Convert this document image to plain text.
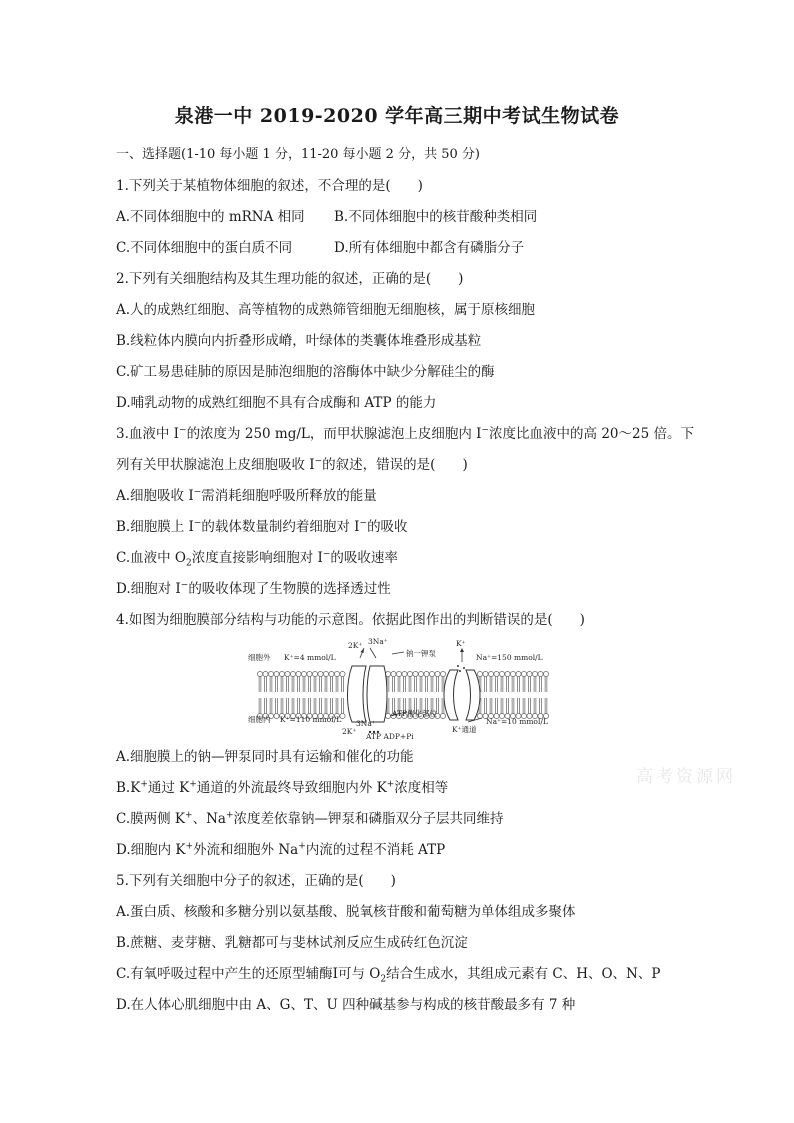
泉港一中 2019-2020 学年高三期中考试生物试卷
一、选择题(1-10 每小题 1 分，11-20 每小题 2 分，共 50 分)
1.下列关于某植物体细胞的叙述，不合理的是(　　)
A.不同体细胞中的 mRNA 相同 B.不同体细胞中的核苷酸种类相同
C.不同体细胞中的蛋白质不同	D.所有体细胞中都含有磷脂分子
2.下列有关细胞结构及其生理功能的叙述，正确的是(　　)
A.人的成熟红细胞、高等植物的成熟筛管细胞无细胞核，属于原核细胞
B.线粒体内膜向内折叠形成嵴，叶绿体的类囊体堆叠形成基粒
C.矿工易患硅肺的原因是肺泡细胞的溶酶体中缺少分解硅尘的酶
D.哺乳动物的成熟红细胞不具有合成酶和 ATP 的能力
3.血液中 I−的浓度为 250 mg/L，而甲状腺滤泡上皮细胞内 I−浓度比血液中的高 20～25 倍。下
列有关甲状腺滤泡上皮细胞吸收 I−的叙述，错误的是(　　)
A.细胞吸收 I−需消耗细胞呼吸所释放的能量
B.细胞膜上 I−的载体数量制约着细胞对 I−的吸收
C.血液中 $O_2$浓度直接影响细胞对 I−的吸收速率
D.细胞对 I−的吸收体现了生物膜的选择透过性
4.如图为细胞膜部分结构与功能的示意图。依据此图作出的判断错误的是(　　)
细胞外 K⁺=4 mmol/L
细胞内 K⁺=110 mmol/L
2K⁺ 3Na⁺
钠一钾泵
K⁺
Na⁺=150 mmol/L
ATP催化部位
3Na⁺
2K⁺
ATP ADP+Pi
K⁺通道
Na⁺=10 mmol/L
A.细胞膜上的钠—钾泵同时具有运输和催化的功能
B.K+通过 K+通道的外流最终导致细胞内外 K+浓度相等
C.膜两侧 K+、Na+浓度差依靠钠—钾泵和磷脂双分子层共同维持
D.细胞内 K+外流和细胞外 Na+内流的过程不消耗 ATP
5.下列有关细胞中分子的叙述，正确的是(　　)
A.蛋白质、核酸和多糖分别以氨基酸、脱氧核苷酸和葡萄糖为单体组成多聚体
B.蔗糖、麦芽糖、乳糖都可与斐林试剂反应生成砖红色沉淀
C.有氧呼吸过程中产生的还原型辅酶Ⅰ可与 $O_2$结合生成水，其组成元素有 C、H、O、N、P
D.在人体心肌细胞中由 A、G、T、U 四种碱基参与构成的核苷酸最多有 7 种
高考资源网
